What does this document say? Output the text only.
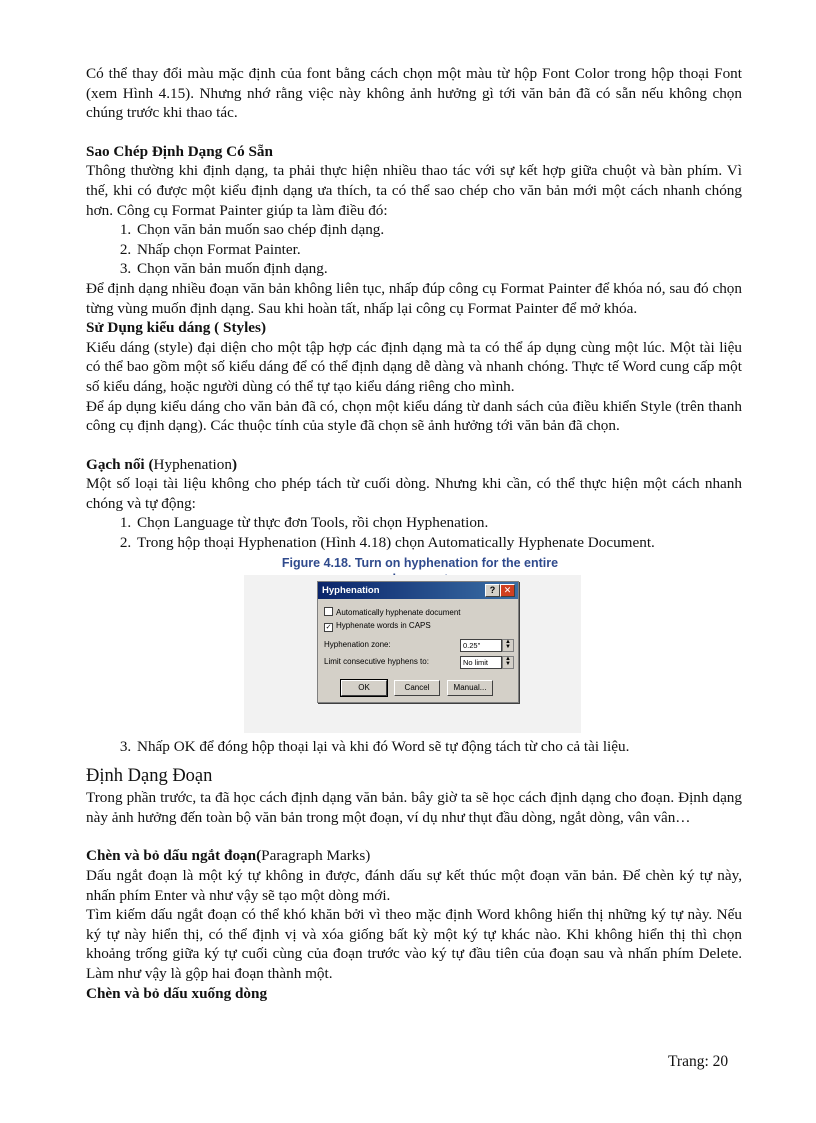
Có thể thay đổi màu mặc định của font bằng cách chọn một màu từ hộp Font Color trong hộp thoại Font (xem Hình 4.15). Nhưng nhớ rằng việc này không ảnh hưởng gì tới văn bản đã có sẵn nếu không chọn chúng trước khi thao tác.

Sao Chép Định Dạng Có Sẵn

Thông thường khi định dạng, ta phải thực hiện nhiều thao tác với sự kết hợp giữa chuột và bàn phím. Vì thế, khi có được một kiểu định dạng ưa thích, ta có thể sao chép cho văn bản mới một cách nhanh chóng hơn. Công cụ Format Painter giúp ta làm điều đó:

1. Chọn văn bản muốn sao chép định dạng.
2. Nhấp chọn Format Painter.
3. Chọn văn bản muốn định dạng.

Để định dạng nhiều đoạn văn bản không liên tục, nhấp đúp công cụ Format Painter để khóa nó, sau đó chọn từng vùng muốn định dạng. Sau khi hoàn tất, nhấp lại công cụ Format Painter để mở khóa.

Sử Dụng kiểu dáng ( Styles)

Kiểu dáng (style) đại diện cho một tập hợp các định dạng mà ta có thể áp dụng cùng một lúc. Một tài liệu có thể bao gồm một số kiểu dáng để có thể định dạng dễ dàng và nhanh chóng. Thực tế Word cung cấp một số kiểu dáng, hoặc người dùng có thể tự tạo kiểu dáng riêng cho mình.

Để áp dụng kiểu dáng cho văn bản đã có, chọn một kiểu dáng từ danh sách của điều khiển Style (trên thanh công cụ định dạng). Các thuộc tính của style đã chọn sẽ ảnh hưởng tới văn bản đã chọn.

Gạch nối (Hyphenation)

Một số loại tài liệu không cho phép tách từ cuối dòng. Nhưng khi cần, có thể thực hiện một cách nhanh chóng và tự động:

1. Chọn Language từ thực đơn Tools, rồi chọn Hyphenation.
2. Trong hộp thoại Hyphenation (Hình 4.18) chọn Automatically Hyphenate Document.
Figure 4.18. Turn on hyphenation for the entire
Hyphenation	? ✕
Automatically hyphenate document
✓ Hyphenate words in CAPS
Hyphenation zone:	0.25"	▲
▼
Limit consecutive hyphens to:	No limit	▲
▼
OK	Cancel	Manual...
3. Nhấp OK để đóng hộp thoại lại và khi đó Word sẽ tự động tách từ cho cả tài liệu.

Định Dạng Đoạn

Trong phần trước, ta đã học cách định dạng văn bản. bây giờ ta sẽ học cách định dạng cho đoạn. Định dạng này ảnh hưởng đến toàn bộ văn bản trong một đoạn, ví dụ như thụt đầu dòng, ngắt dòng, vân vân…

Chèn và bỏ dấu ngắt đoạn(Paragraph Marks)

Dấu ngắt đoạn là một ký tự không in được, đánh dấu sự kết thúc một đoạn văn bản. Để chèn ký tự này, nhấn phím Enter và như vậy sẽ tạo một dòng mới.

Tìm kiếm dấu ngắt đoạn có thể khó khăn bởi vì theo mặc định Word không hiển thị những ký tự này. Nếu ký tự này hiển thị, có thể định vị và xóa giống bất kỳ một ký tự khác nào. Khi không hiển thị thì chọn khoảng trống giữa ký tự cuối cùng của đoạn trước vào ký tự đầu tiên của đoạn sau và nhấn phím Delete. Làm như vậy là gộp hai đoạn thành một.

Chèn và bỏ dấu xuống dòng

Trang: 20
